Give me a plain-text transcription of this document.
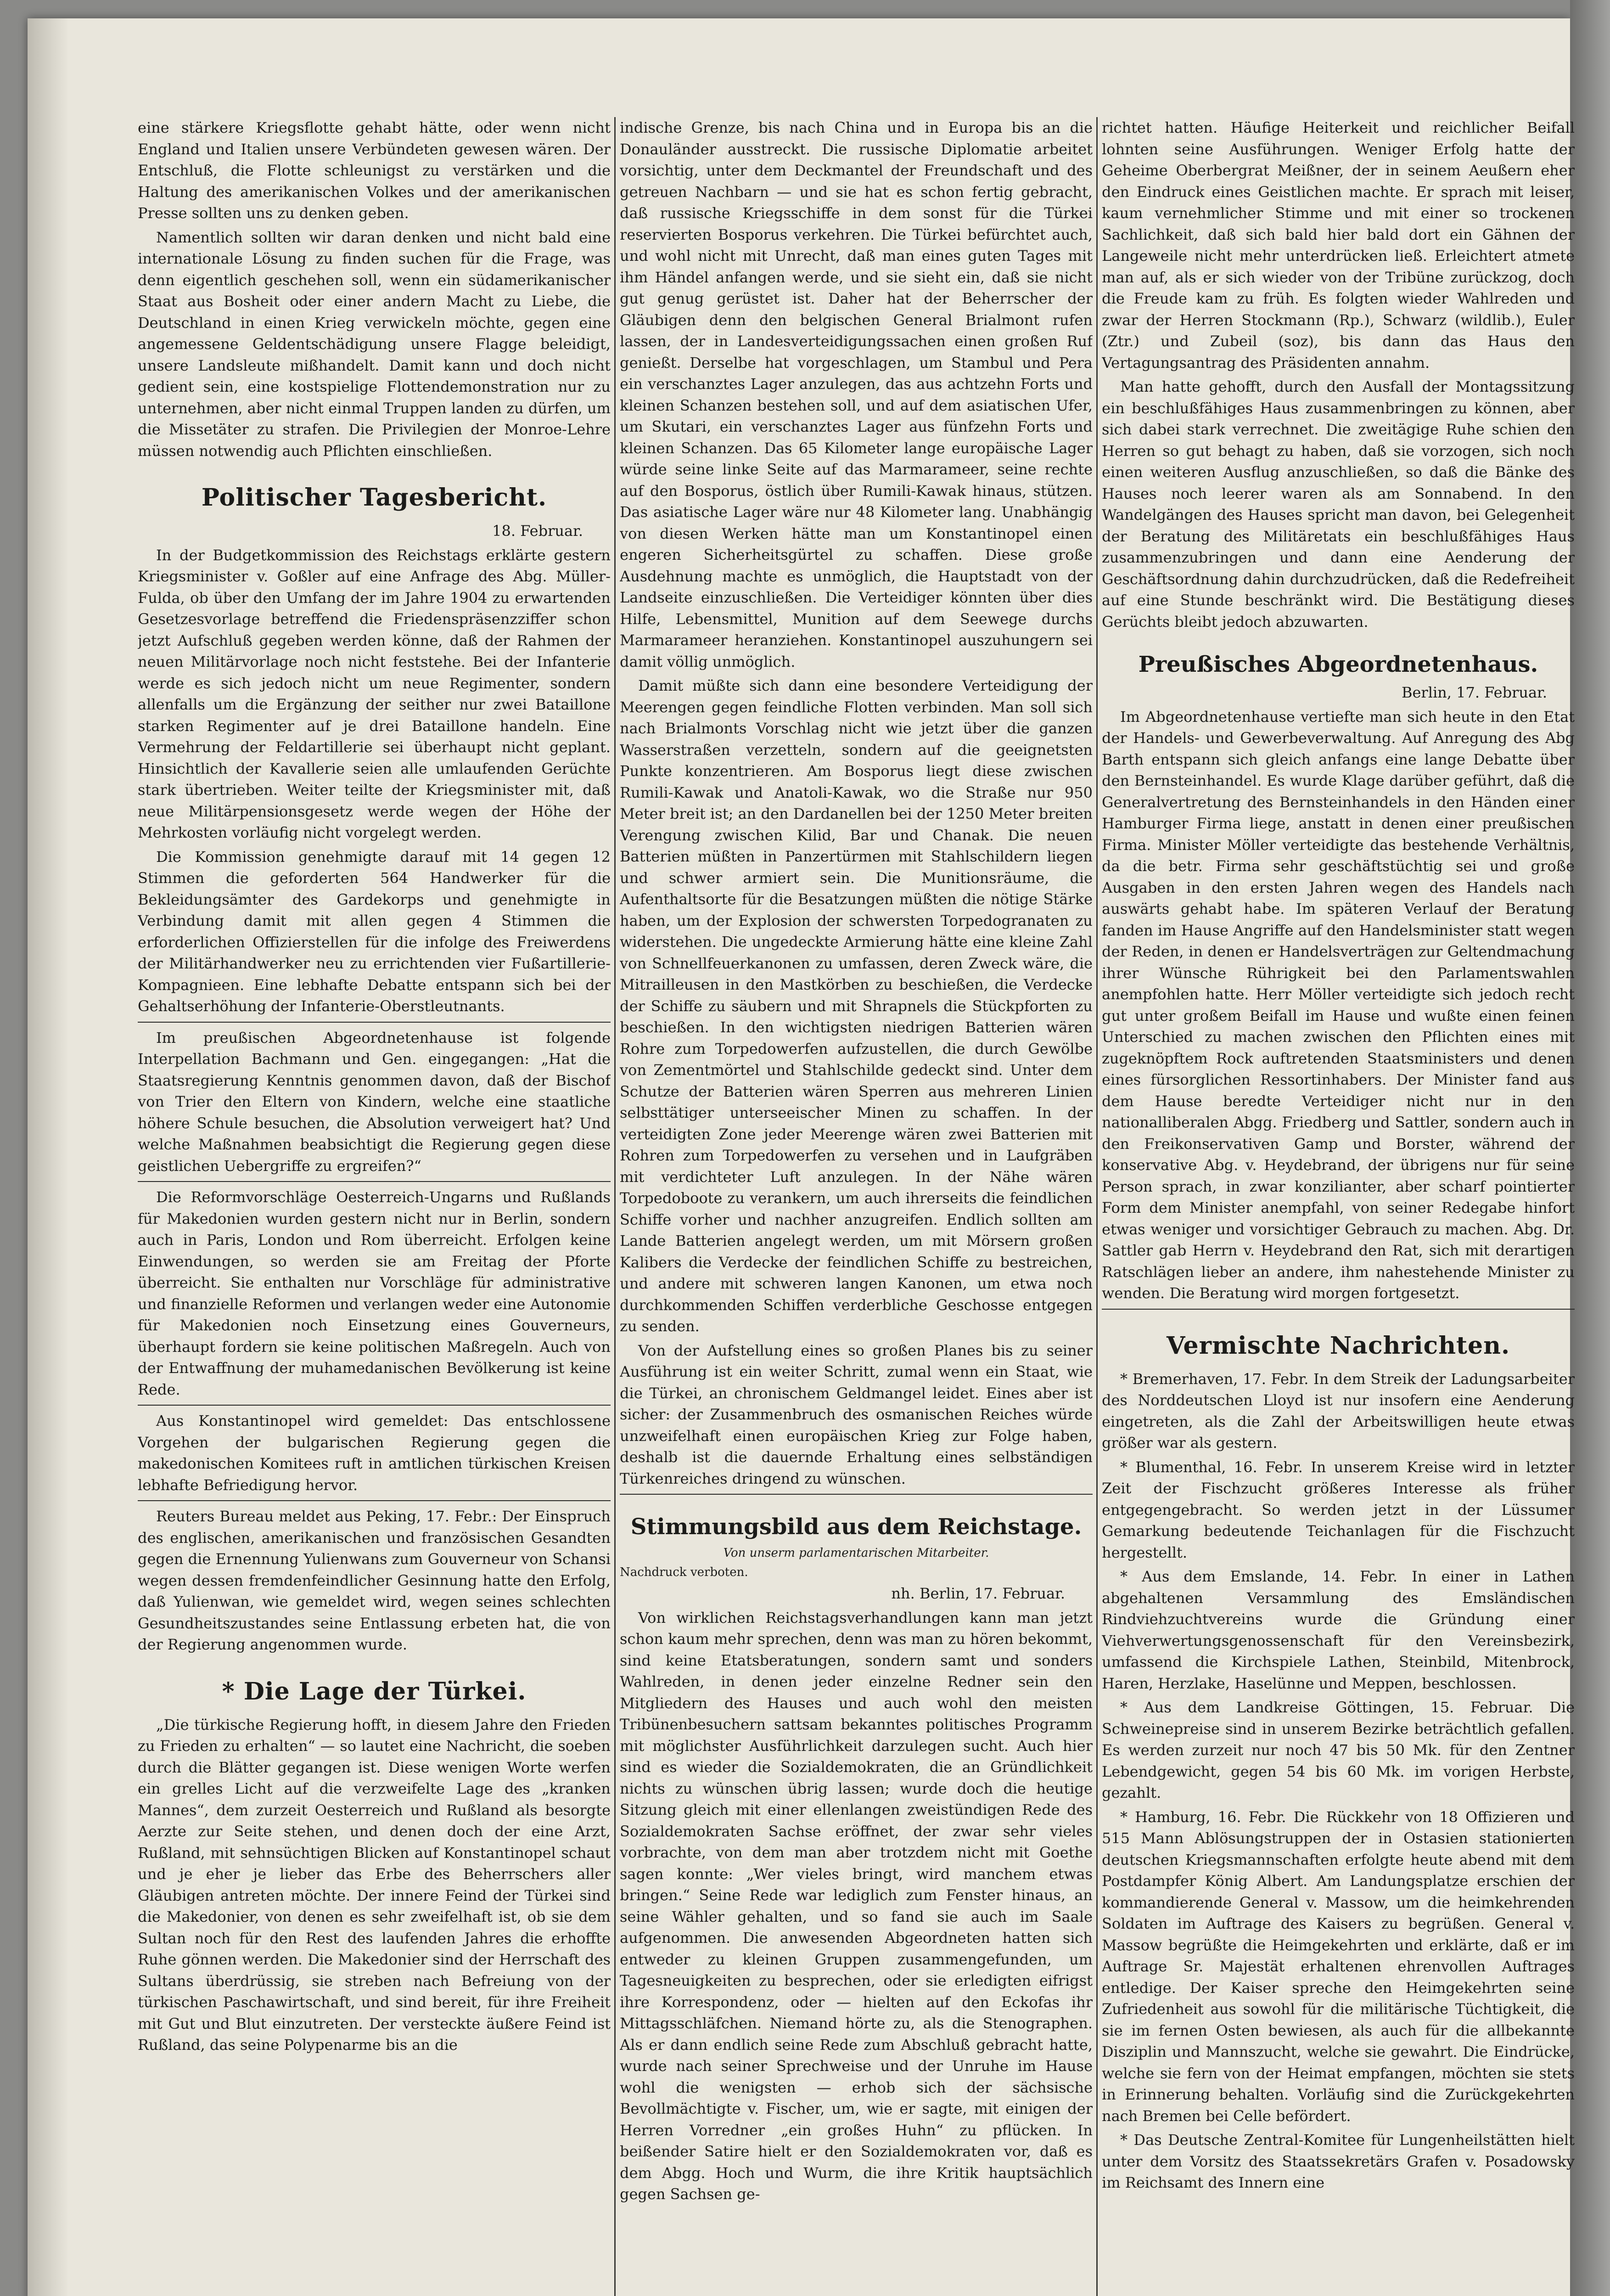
eine stärkere Kriegsflotte gehabt hätte, oder wenn nicht England und Italien unsere Verbündeten gewesen wären. Der Entschluß, die Flotte schleunigst zu verstärken und die Haltung des amerikanischen Volkes und der amerikanischen Presse sollten uns zu denken geben.

Namentlich sollten wir daran denken und nicht bald eine internationale Lösung zu finden suchen für die Frage, was denn eigentlich geschehen soll, wenn ein südamerikanischer Staat aus Bosheit oder einer andern Macht zu Liebe, die Deutschland in einen Krieg verwickeln möchte, gegen eine angemessene Geldentschädigung unsere Flagge beleidigt, unsere Landsleute mißhandelt. Damit kann und doch nicht gedient sein, eine kostspielige Flottendemonstration nur zu unternehmen, aber nicht einmal Truppen landen zu dürfen, um die Missetäter zu strafen. Die Privilegien der Monroe-Lehre müssen notwendig auch Pflichten einschließen.

Politischer Tagesbericht.
18. Februar.

In der Budgetkommission des Reichstags erklärte gestern Kriegsminister v. Goßler auf eine Anfrage des Abg. Müller-Fulda, ob über den Umfang der im Jahre 1904 zu erwartenden Gesetzesvorlage betreffend die Friedenspräsenzziffer schon jetzt Aufschluß gegeben werden könne, daß der Rahmen der neuen Militärvorlage noch nicht feststehe. Bei der Infanterie werde es sich jedoch nicht um neue Regimenter, sondern allenfalls um die Ergänzung der seither nur zwei Bataillone starken Regimenter auf je drei Bataillone handeln. Eine Vermehrung der Feldartillerie sei überhaupt nicht geplant. Hinsichtlich der Kavallerie seien alle umlaufenden Gerüchte stark übertrieben. Weiter teilte der Kriegsminister mit, daß neue Militärpensionsgesetz werde wegen der Höhe der Mehrkosten vorläufig nicht vorgelegt werden.

Die Kommission genehmigte darauf mit 14 gegen 12 Stimmen die geforderten 564 Handwerker für die Bekleidungsämter des Gardekorps und genehmigte in Verbindung damit mit allen gegen 4 Stimmen die erforderlichen Offizierstellen für die infolge des Freiwerdens der Militärhandwerker neu zu errichtenden vier Fußartillerie-Kompagnieen. Eine lebhafte Debatte entspann sich bei der Gehaltserhöhung der Infanterie-Oberstleutnants.

Im preußischen Abgeordnetenhause ist folgende Interpellation Bachmann und Gen. eingegangen: „Hat die Staatsregierung Kenntnis genommen davon, daß der Bischof von Trier den Eltern von Kindern, welche eine staatliche höhere Schule besuchen, die Absolution verweigert hat? Und welche Maßnahmen beabsichtigt die Regierung gegen diese geistlichen Uebergriffe zu ergreifen?“

Die Reformvorschläge Oesterreich-Ungarns und Rußlands für Makedonien wurden gestern nicht nur in Berlin, sondern auch in Paris, London und Rom überreicht. Erfolgen keine Einwendungen, so werden sie am Freitag der Pforte überreicht. Sie enthalten nur Vorschläge für administrative und finanzielle Reformen und verlangen weder eine Autonomie für Makedonien noch Einsetzung eines Gouverneurs, überhaupt fordern sie keine politischen Maßregeln. Auch von der Entwaffnung der muhamedanischen Bevölkerung ist keine Rede.

Aus Konstantinopel wird gemeldet: Das entschlossene Vorgehen der bulgarischen Regierung gegen die makedonischen Komitees ruft in amtlichen türkischen Kreisen lebhafte Befriedigung hervor.

Reuters Bureau meldet aus Peking, 17. Febr.: Der Einspruch des englischen, amerikanischen und französischen Gesandten gegen die Ernennung Yulienwans zum Gouverneur von Schansi wegen dessen fremdenfeindlicher Gesinnung hatte den Erfolg, daß Yulienwan, wie gemeldet wird, wegen seines schlechten Gesundheitszustandes seine Entlassung erbeten hat, die von der Regierung angenommen wurde.

* Die Lage der Türkei.

„Die türkische Regierung hofft, in diesem Jahre den Frieden zu Frieden zu erhalten“ — so lautet eine Nachricht, die soeben durch die Blätter gegangen ist. Diese wenigen Worte werfen ein grelles Licht auf die verzweifelte Lage des „kranken Mannes“, dem zurzeit Oesterreich und Rußland als besorgte Aerzte zur Seite stehen, und denen doch der eine Arzt, Rußland, mit sehnsüchtigen Blicken auf Konstantinopel schaut und je eher je lieber das Erbe des Beherrschers aller Gläubigen antreten möchte. Der innere Feind der Türkei sind die Makedonier, von denen es sehr zweifelhaft ist, ob sie dem Sultan noch für den Rest des laufenden Jahres die erhoffte Ruhe gönnen werden. Die Makedonier sind der Herrschaft des Sultans überdrüssig, sie streben nach Befreiung von der türkischen Paschawirtschaft, und sind bereit, für ihre Freiheit mit Gut und Blut einzutreten. Der versteckte äußere Feind ist Rußland, das seine Polypenarme bis an die

indische Grenze, bis nach China und in Europa bis an die Donauländer ausstreckt. Die russische Diplomatie arbeitet vorsichtig, unter dem Deckmantel der Freundschaft und des getreuen Nachbarn — und sie hat es schon fertig gebracht, daß russische Kriegsschiffe in dem sonst für die Türkei reservierten Bosporus verkehren. Die Türkei befürchtet auch, und wohl nicht mit Unrecht, daß man eines guten Tages mit ihm Händel anfangen werde, und sie sieht ein, daß sie nicht gut genug gerüstet ist. Daher hat der Beherrscher der Gläubigen denn den belgischen General Brialmont rufen lassen, der in Landesverteidigungssachen einen großen Ruf genießt. Derselbe hat vorgeschlagen, um Stambul und Pera ein verschanztes Lager anzulegen, das aus achtzehn Forts und kleinen Schanzen bestehen soll, und auf dem asiatischen Ufer, um Skutari, ein verschanztes Lager aus fünfzehn Forts und kleinen Schanzen. Das 65 Kilometer lange europäische Lager würde seine linke Seite auf das Marmarameer, seine rechte auf den Bosporus, östlich über Rumili-Kawak hinaus, stützen. Das asiatische Lager wäre nur 48 Kilometer lang. Unabhängig von diesen Werken hätte man um Konstantinopel einen engeren Sicherheitsgürtel zu schaffen. Diese große Ausdehnung machte es unmöglich, die Hauptstadt von der Landseite einzuschließen. Die Verteidiger könnten über dies Hilfe, Lebensmittel, Munition auf dem Seewege durchs Marmarameer heranziehen. Konstantinopel auszuhungern sei damit völlig unmöglich.

Damit müßte sich dann eine besondere Verteidigung der Meerengen gegen feindliche Flotten verbinden. Man soll sich nach Brialmonts Vorschlag nicht wie jetzt über die ganzen Wasserstraßen verzetteln, sondern auf die geeignetsten Punkte konzentrieren. Am Bosporus liegt diese zwischen Rumili-Kawak und Anatoli-Kawak, wo die Straße nur 950 Meter breit ist; an den Dardanellen bei der 1250 Meter breiten Verengung zwischen Kilid, Bar und Chanak. Die neuen Batterien müßten in Panzertürmen mit Stahlschildern liegen und schwer armiert sein. Die Munitionsräume, die Aufenthaltsorte für die Besatzungen müßten die nötige Stärke haben, um der Explosion der schwersten Torpedogranaten zu widerstehen. Die ungedeckte Armierung hätte eine kleine Zahl von Schnellfeuerkanonen zu umfassen, deren Zweck wäre, die Mitrailleusen in den Mastkörben zu beschießen, die Verdecke der Schiffe zu säubern und mit Shrapnels die Stückpforten zu beschießen. In den wichtigsten niedrigen Batterien wären Rohre zum Torpedowerfen aufzustellen, die durch Gewölbe von Zementmörtel und Stahlschilde gedeckt sind. Unter dem Schutze der Batterien wären Sperren aus mehreren Linien selbsttätiger unterseeischer Minen zu schaffen. In der verteidigten Zone jeder Meerenge wären zwei Batterien mit Rohren zum Torpedowerfen zu versehen und in Laufgräben mit verdichteter Luft anzulegen. In der Nähe wären Torpedoboote zu verankern, um auch ihrerseits die feindlichen Schiffe vorher und nachher anzugreifen. Endlich sollten am Lande Batterien angelegt werden, um mit Mörsern großen Kalibers die Verdecke der feindlichen Schiffe zu bestreichen, und andere mit schweren langen Kanonen, um etwa noch durchkommenden Schiffen verderbliche Geschosse entgegen zu senden.

Von der Aufstellung eines so großen Planes bis zu seiner Ausführung ist ein weiter Schritt, zumal wenn ein Staat, wie die Türkei, an chronischem Geldmangel leidet. Eines aber ist sicher: der Zusammenbruch des osmanischen Reiches würde unzweifelhaft einen europäischen Krieg zur Folge haben, deshalb ist die dauernde Erhaltung eines selbständigen Türkenreiches dringend zu wünschen.

Stimmungsbild aus dem Reichstage.

Von unserm parlamentarischen Mitarbeiter.

Nachdruck verboten.

nh. Berlin, 17. Februar.

Von wirklichen Reichstagsverhandlungen kann man jetzt schon kaum mehr sprechen, denn was man zu hören bekommt, sind keine Etatsberatungen, sondern samt und sonders Wahlreden, in denen jeder einzelne Redner sein den Mitgliedern des Hauses und auch wohl den meisten Tribünenbesuchern sattsam bekanntes politisches Programm mit möglichster Ausführlichkeit darzulegen sucht. Auch hier sind es wieder die Sozialdemokraten, die an Gründlichkeit nichts zu wünschen übrig lassen; wurde doch die heutige Sitzung gleich mit einer ellenlangen zweistündigen Rede des Sozialdemokraten Sachse eröffnet, der zwar sehr vieles vorbrachte, von dem man aber trotzdem nicht mit Goethe sagen konnte: „Wer vieles bringt, wird manchem etwas bringen.“ Seine Rede war lediglich zum Fenster hinaus, an seine Wähler gehalten, und so fand sie auch im Saale aufgenommen. Die anwesenden Abgeordneten hatten sich entweder zu kleinen Gruppen zusammengefunden, um Tagesneuigkeiten zu besprechen, oder sie erledigten eifrigst ihre Korrespondenz, oder — hielten auf den Eckofas ihr Mittagsschläfchen. Niemand hörte zu, als die Stenographen. Als er dann endlich seine Rede zum Abschluß gebracht hatte, wurde nach seiner Sprechweise und der Unruhe im Hause wohl die wenigsten — erhob sich der sächsische Bevollmächtigte v. Fischer, um, wie er sagte, mit einigen der Herren Vorredner „ein großes Huhn“ zu pflücken. In beißender Satire hielt er den Sozialdemokraten vor, daß es dem Abgg. Hoch und Wurm, die ihre Kritik hauptsächlich gegen Sachsen ge-

richtet hatten. Häufige Heiterkeit und reichlicher Beifall lohnten seine Ausführungen. Weniger Erfolg hatte der Geheime Oberbergrat Meißner, der in seinem Aeußern eher den Eindruck eines Geistlichen machte. Er sprach mit leiser, kaum vernehmlicher Stimme und mit einer so trockenen Sachlichkeit, daß sich bald hier bald dort ein Gähnen der Langeweile nicht mehr unterdrücken ließ. Erleichtert atmete man auf, als er sich wieder von der Tribüne zurückzog, doch die Freude kam zu früh. Es folgten wieder Wahlreden und zwar der Herren Stockmann (Rp.), Schwarz (wildlib.), Euler (Ztr.) und Zubeil (soz), bis dann das Haus den Vertagungsantrag des Präsidenten annahm.

Man hatte gehofft, durch den Ausfall der Montagssitzung ein beschlußfähiges Haus zusammenbringen zu können, aber sich dabei stark verrechnet. Die zweitägige Ruhe schien den Herren so gut behagt zu haben, daß sie vorzogen, sich noch einen weiteren Ausflug anzuschließen, so daß die Bänke des Hauses noch leerer waren als am Sonnabend. In den Wandelgängen des Hauses spricht man davon, bei Gelegenheit der Beratung des Militäretats ein beschlußfähiges Haus zusammenzubringen und dann eine Aenderung der Geschäftsordnung dahin durchzudrücken, daß die Redefreiheit auf eine Stunde beschränkt wird. Die Bestätigung dieses Gerüchts bleibt jedoch abzuwarten.

Preußisches Abgeordnetenhaus.
Berlin, 17. Februar.

Im Abgeordnetenhause vertiefte man sich heute in den Etat der Handels- und Gewerbeverwaltung. Auf Anregung des Abg Barth entspann sich gleich anfangs eine lange Debatte über den Bernsteinhandel. Es wurde Klage darüber geführt, daß die Generalvertretung des Bernsteinhandels in den Händen einer Hamburger Firma liege, anstatt in denen einer preußischen Firma. Minister Möller verteidigte das bestehende Verhältnis, da die betr. Firma sehr geschäftstüchtig sei und große Ausgaben in den ersten Jahren wegen des Handels nach auswärts gehabt habe. Im späteren Verlauf der Beratung fanden im Hause Angriffe auf den Handelsminister statt wegen der Reden, in denen er Handelsverträgen zur Geltendmachung ihrer Wünsche Rührigkeit bei den Parlamentswahlen anempfohlen hatte. Herr Möller verteidigte sich jedoch recht gut unter großem Beifall im Hause und wußte einen feinen Unterschied zu machen zwischen den Pflichten eines mit zugeknöpftem Rock auftretenden Staatsministers und denen eines fürsorglichen Ressortinhabers. Der Minister fand aus dem Hause beredte Verteidiger nicht nur in den nationalliberalen Abgg. Friedberg und Sattler, sondern auch in den Freikonservativen Gamp und Borster, während der konservative Abg. v. Heydebrand, der übrigens nur für seine Person sprach, in zwar konzilianter, aber scharf pointierter Form dem Minister anempfahl, von seiner Redegabe hinfort etwas weniger und vorsichtiger Gebrauch zu machen. Abg. Dr. Sattler gab Herrn v. Heydebrand den Rat, sich mit derartigen Ratschlägen lieber an andere, ihm nahestehende Minister zu wenden. Die Beratung wird morgen fortgesetzt.

Vermischte Nachrichten.

* Bremerhaven, 17. Febr. In dem Streik der Ladungsarbeiter des Norddeutschen Lloyd ist nur insofern eine Aenderung eingetreten, als die Zahl der Arbeitswilligen heute etwas größer war als gestern.

* Blumenthal, 16. Febr. In unserem Kreise wird in letzter Zeit der Fischzucht größeres Interesse als früher entgegengebracht. So werden jetzt in der Lüssumer Gemarkung bedeutende Teichanlagen für die Fischzucht hergestellt.

* Aus dem Emslande, 14. Febr. In einer in Lathen abgehaltenen Versammlung des Emsländischen Rindviehzuchtvereins wurde die Gründung einer Viehverwertungsgenossenschaft für den Vereinsbezirk, umfassend die Kirchspiele Lathen, Steinbild, Mitenbrock, Haren, Herzlake, Haselünne und Meppen, beschlossen.

* Aus dem Landkreise Göttingen, 15. Februar. Die Schweinepreise sind in unserem Bezirke beträchtlich gefallen. Es werden zurzeit nur noch 47 bis 50 Mk. für den Zentner Lebendgewicht, gegen 54 bis 60 Mk. im vorigen Herbste, gezahlt.

* Hamburg, 16. Febr. Die Rückkehr von 18 Offizieren und 515 Mann Ablösungstruppen der in Ostasien stationierten deutschen Kriegsmannschaften erfolgte heute abend mit dem Postdampfer König Albert. Am Landungsplatze erschien der kommandierende General v. Massow, um die heimkehrenden Soldaten im Auftrage des Kaisers zu begrüßen. General v. Massow begrüßte die Heimgekehrten und erklärte, daß er im Auftrage Sr. Majestät erhaltenen ehrenvollen Auftrages entledige. Der Kaiser spreche den Heimgekehrten seine Zufriedenheit aus sowohl für die militärische Tüchtigkeit, die sie im fernen Osten bewiesen, als auch für die allbekannte Disziplin und Mannszucht, welche sie gewahrt. Die Eindrücke, welche sie fern von der Heimat empfangen, möchten sie stets in Erinnerung behalten. Vorläufig sind die Zurückgekehrten nach Bremen bei Celle befördert.

* Das Deutsche Zentral-Komitee für Lungenheilstätten hielt unter dem Vorsitz des Staatssekretärs Grafen v. Posadowsky im Reichsamt des Innern eine
